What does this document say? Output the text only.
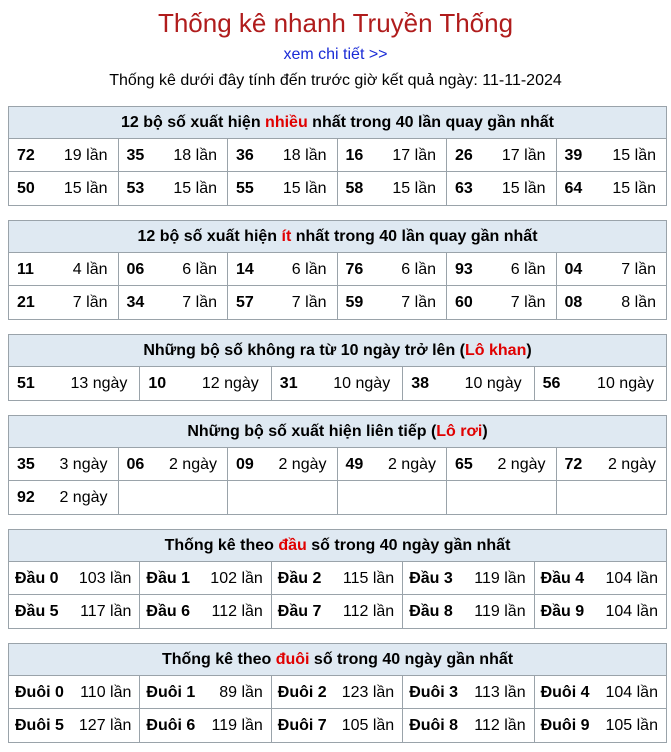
Thống kê nhanh Truyền Thống
xem chi tiết >>
Thống kê dưới đây tính đến trước giờ kết quả ngày: 11-11-2024
12 bộ số xuất hiện nhiều nhất trong 40 lần quay gần nhất
72 19 lần	35 18 lần	36 18 lần	16 17 lần	26 17 lần	39 15 lần
50 15 lần	53 15 lần	55 15 lần	58 15 lần	63 15 lần	64 15 lần
12 bộ số xuất hiện ít nhất trong 40 lần quay gần nhất
11 4 lần	06 6 lần	14 6 lần	76 6 lần	93 6 lần	04 7 lần
21 7 lần	34 7 lần	57 7 lần	59 7 lần	60 7 lần	08 8 lần
Những bộ số không ra từ 10 ngày trở lên (Lô khan)
51 13 ngày	10 12 ngày	31 10 ngày	38 10 ngày	56 10 ngày
Những bộ số xuất hiện liên tiếp (Lô rơi)
35 3 ngày	06 2 ngày	09 2 ngày	49 2 ngày	65 2 ngày	72 2 ngày
92 2 ngày
Thống kê theo đầu số trong 40 ngày gần nhất
Đầu 0 103 lần Đầu 1 102 lần Đầu 2 115 lần Đầu 3 119 lần Đầu 4 104 lần
Đầu 5 117 lần Đầu 6 112 lần Đầu 7 112 lần Đầu 8 119 lần Đầu 9 104 lần
Thống kê theo đuôi số trong 40 ngày gần nhất
Đuôi 0 110 lần Đuôi 1 89 lần Đuôi 2 123 lần Đuôi 3 113 lần Đuôi 4 104 lần
Đuôi 5 127 lần Đuôi 6 119 lần Đuôi 7 105 lần Đuôi 8 112 lần Đuôi 9 105 lần
